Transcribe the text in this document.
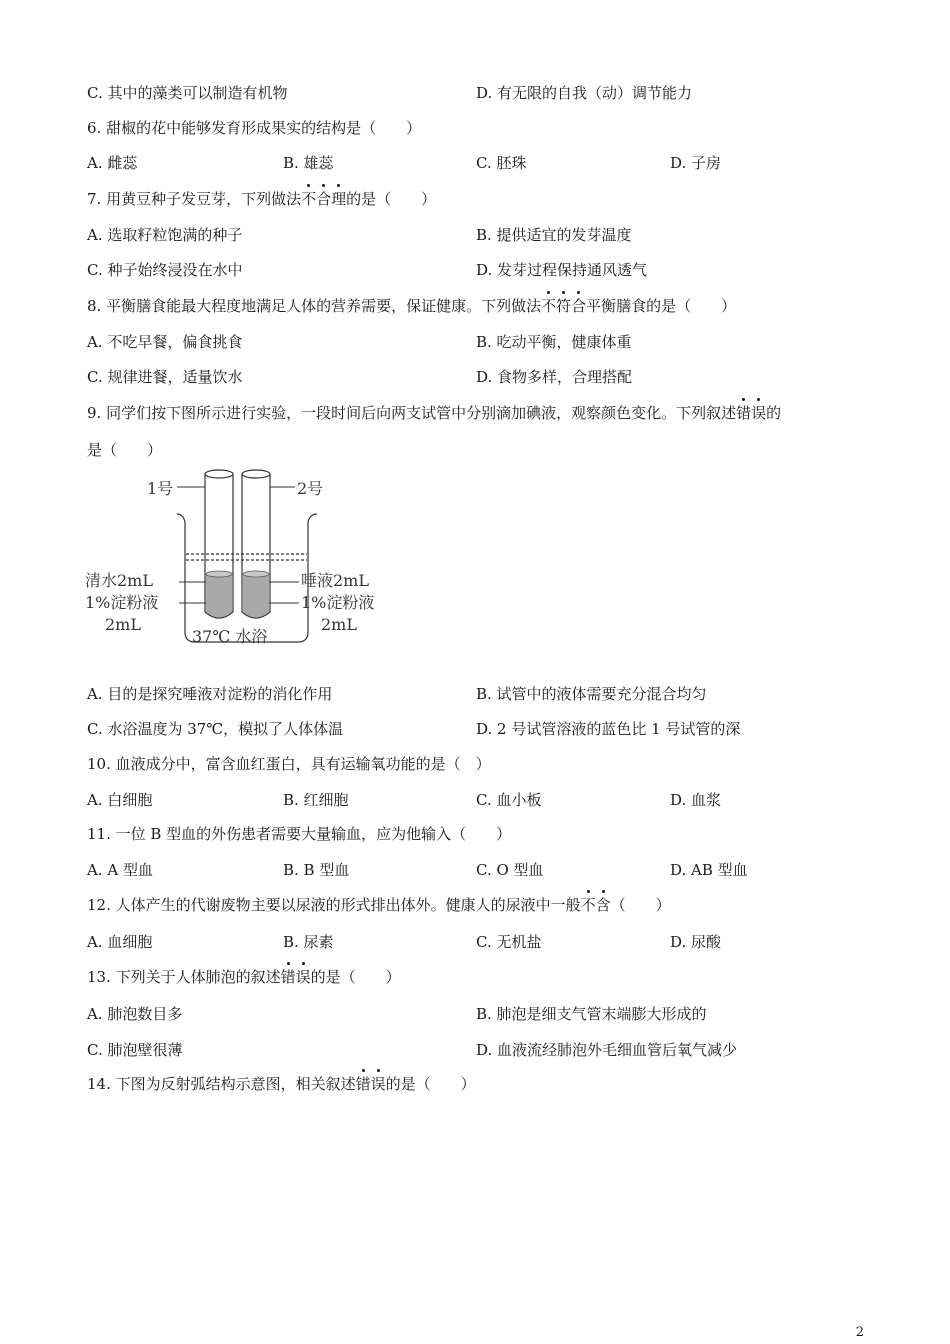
C. 其中的藻类可以制造有机物	D. 有无限的自我（动）调节能力
6. 甜椒的花中能够发育形成果实的结构是（　　）
A. 雌蕊	B. 雄蕊	C. 胚珠	D. 子房
7. 用黄豆种子发豆芽，下列做法不合理的是（　　）
A. 选取籽粒饱满的种子	B. 提供适宜的发芽温度
C. 种子始终浸没在水中	D. 发芽过程保持通风透气
8. 平衡膳食能最大程度地满足人体的营养需要，保证健康。下列做法不符合平衡膳食的是（　　）
A. 不吃早餐，偏食挑食	B. 吃动平衡，健康体重
C. 规律进餐，适量饮水	D. 食物多样，合理搭配
9. 同学们按下图所示进行实验，一段时间后向两支试管中分别滴加碘液，观察颜色变化。下列叙述错误的
是（　　）
1号	2号
清水2mL
1%淀粉液
2mL
唾液2mL
1%淀粉液
2mL
37℃ 水浴
A. 目的是探究唾液对淀粉的消化作用	B. 试管中的液体需要充分混合均匀
C. 水浴温度为 37℃，模拟了人体体温	D. 2 号试管溶液的蓝色比 1 号试管的深
10. 血液成分中，富含血红蛋白，具有运输氧功能的是（　）
A. 白细胞	B. 红细胞	C. 血小板	D. 血浆
11. 一位 B 型血的外伤患者需要大量输血，应为他输入（　　）
A. A 型血	B. B 型血	C. O 型血	D. AB 型血
12. 人体产生的代谢废物主要以尿液的形式排出体外。健康人的尿液中一般不含（　　）
A. 血细胞	B. 尿素	C. 无机盐	D. 尿酸
13. 下列关于人体肺泡的叙述错误的是（　　）
A. 肺泡数目多	B. 肺泡是细支气管末端膨大形成的
C. 肺泡壁很薄	D. 血液流经肺泡外毛细血管后氧气减少
14. 下图为反射弧结构示意图，相关叙述错误的是（　　）
2
